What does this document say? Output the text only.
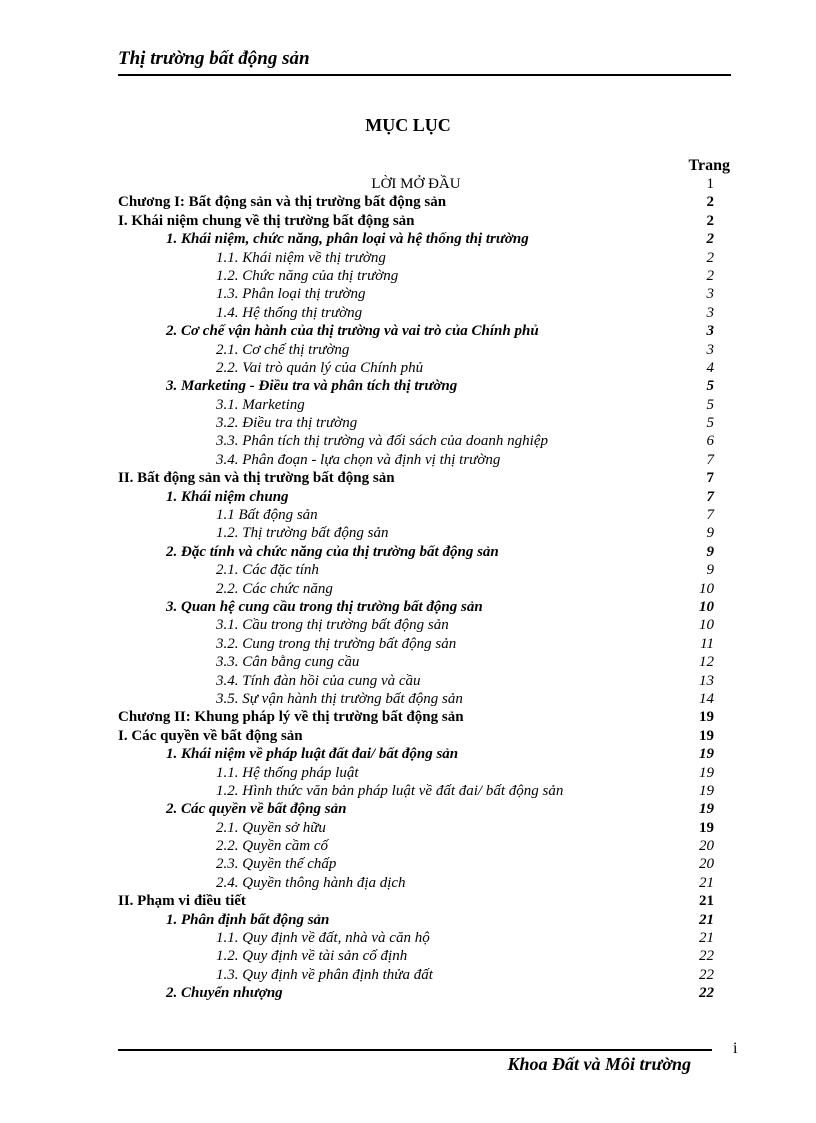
Thị trường bất động sản
MỤC LỤC
Trang
LỜI MỞ ĐẦU	1
Chương I: Bất động sản và thị trường bất động sản	2
I. Khái niệm chung về thị trường bất động sản	2
1. Khái niệm, chức năng, phân loại và hệ thống thị trường	2
1.1. Khái niệm về thị trường	2
1.2. Chức năng của thị trường	2
1.3. Phân loại thị trường	3
1.4. Hệ thống thị trường	3
2. Cơ chế vận hành của thị trường và vai trò của Chính phủ	3
2.1. Cơ chế thị trường	3
2.2. Vai trò quản lý của Chính phủ	4
3. Marketing - Điều tra và phân tích thị trường	5
3.1. Marketing	5
3.2. Điều tra thị trường	5
3.3. Phân tích thị trường và đối sách của doanh nghiệp	6
3.4. Phân đoạn - lựa chọn và định vị thị trường	7
II. Bất động sản và thị trường bất động sản	7
1. Khái niệm chung	7
1.1 Bất động sản	7
1.2. Thị trường bất động sản	9
2. Đặc tính và chức năng của thị trường bất động sản	9
2.1. Các đặc tính	9
2.2. Các chức năng	10
3. Quan hệ cung cầu trong thị trường bất động sản	10
3.1. Cầu trong thị trường bất động sản	10
3.2. Cung trong thị trường bất động sản	11
3.3. Cân bằng cung cầu	12
3.4. Tính đàn hồi của cung và cầu	13
3.5. Sự vận hành thị trường bất động sản	14
Chương II: Khung pháp lý về thị trường bất động sản	19
I. Các quyền về bất động sản	19
1. Khái niệm về pháp luật đất đai/ bất động sản	19
1.1. Hệ thống pháp luật	19
1.2. Hình thức văn bản pháp luật về đất đai/ bất động sản	19
2. Các quyền về bất động sản	19
2.1. Quyền sở hữu	19
2.2. Quyền cầm cố	20
2.3. Quyền thế chấp	20
2.4. Quyền thông hành địa dịch	21
II. Phạm vi điều tiết	21
1. Phân định bất động sản	21
1.1. Quy định về đất, nhà và căn hộ	21
1.2. Quy định về tài sản cố định	22
1.3. Quy định về phân định thửa đất	22
2. Chuyển nhượng	22
i
Khoa Đất và Môi trường
